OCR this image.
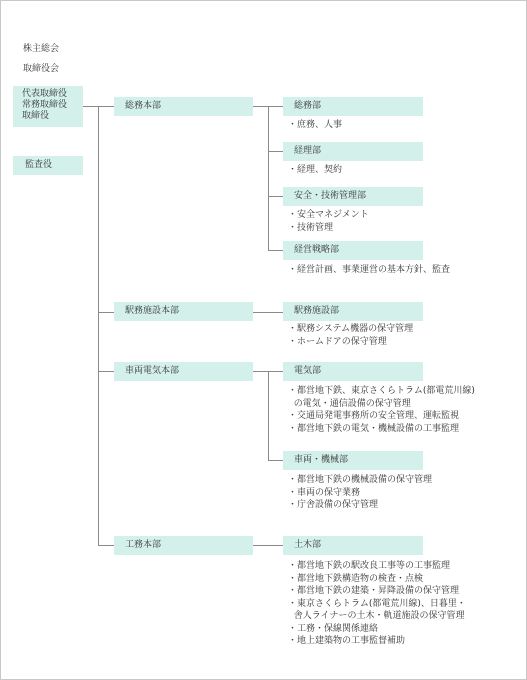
株主総会
取締役会
代表取締役
常務取締役
取締役
監査役
総務本部
駅務施設本部
車両電気本部
工務本部
総務部
・庶務、人事
経理部
・経理、契約
安全・技術管理部
・安全マネジメント
・技術管理
経営戦略部
・経営計画、事業運営の基本方針、監査
駅務施設部
・駅務システム機器の保守管理
・ホームドアの保守管理
電気部
・都営地下鉄、東京さくらトラム(都電荒川線)
の電気・通信設備の保守管理
・交通局発電事務所の安全管理、運転監視
・都営地下鉄の電気・機械設備の工事監理
車両・機械部
・都営地下鉄の機械設備の保守管理
・車両の保守業務
・庁舎設備の保守管理
土木部
・都営地下鉄の駅改良工事等の工事監理
・都営地下鉄構造物の検査・点検
・都営地下鉄の建築・昇降設備の保守管理
・東京さくらトラム(都電荒川線)、日暮里・
舎人ライナーの土木・軌道施設の保守管理
・工務・保線関係連絡
・地上建築物の工事監督補助
